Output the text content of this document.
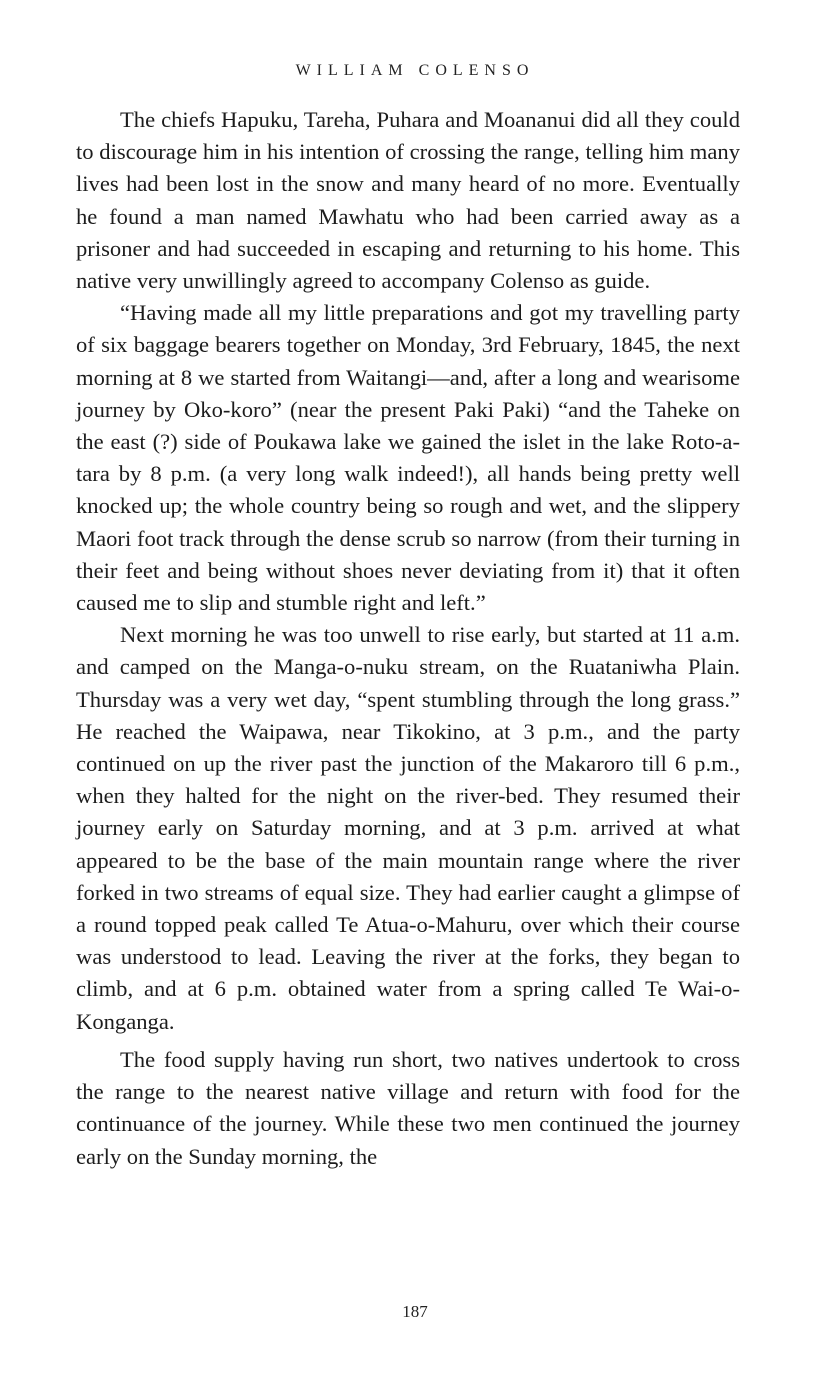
WILLIAM COLENSO

The chiefs Hapuku, Tareha, Puhara and Moananui did all they could to discourage him in his intention of crossing the range, telling him many lives had been lost in the snow and many heard of no more. Eventually he found a man named Mawhatu who had been carried away as a prisoner and had succeeded in escaping and returning to his home. This native very unwillingly agreed to accompany Colenso as guide.

“Having made all my little preparations and got my travelling party of six baggage bearers together on Monday, 3rd February, 1845, the next morning at 8 we started from Waitangi—and, after a long and wearisome journey by Oko-koro” (near the present Paki Paki) “and the Taheke on the east (?) side of Poukawa lake we gained the islet in the lake Roto-a-tara by 8 p.m. (a very long walk indeed!), all hands being pretty well knocked up; the whole country being so rough and wet, and the slippery Maori foot track through the dense scrub so narrow (from their turning in their feet and being without shoes never deviating from it) that it often caused me to slip and stumble right and left.”

Next morning he was too unwell to rise early, but started at 11 a.m. and camped on the Manga-o-nuku stream, on the Ruataniwha Plain. Thursday was a very wet day, “spent stumbling through the long grass.” He reached the Waipawa, near Tikokino, at 3 p.m., and the party continued on up the river past the junction of the Makaroro till 6 p.m., when they halted for the night on the river-bed. They resumed their journey early on Saturday morning, and at 3 p.m. arrived at what appeared to be the base of the main mountain range where the river forked in two streams of equal size. They had earlier caught a glimpse of a round topped peak called Te Atua-o-Mahuru, over which their course was understood to lead. Leaving the river at the forks, they began to climb, and at 6 p.m. obtained water from a spring called Te Wai-o-Konganga.

The food supply having run short, two natives undertook to cross the range to the nearest native village and return with food for the continuance of the journey. While these two men continued the journey early on the Sunday morning, the

187
